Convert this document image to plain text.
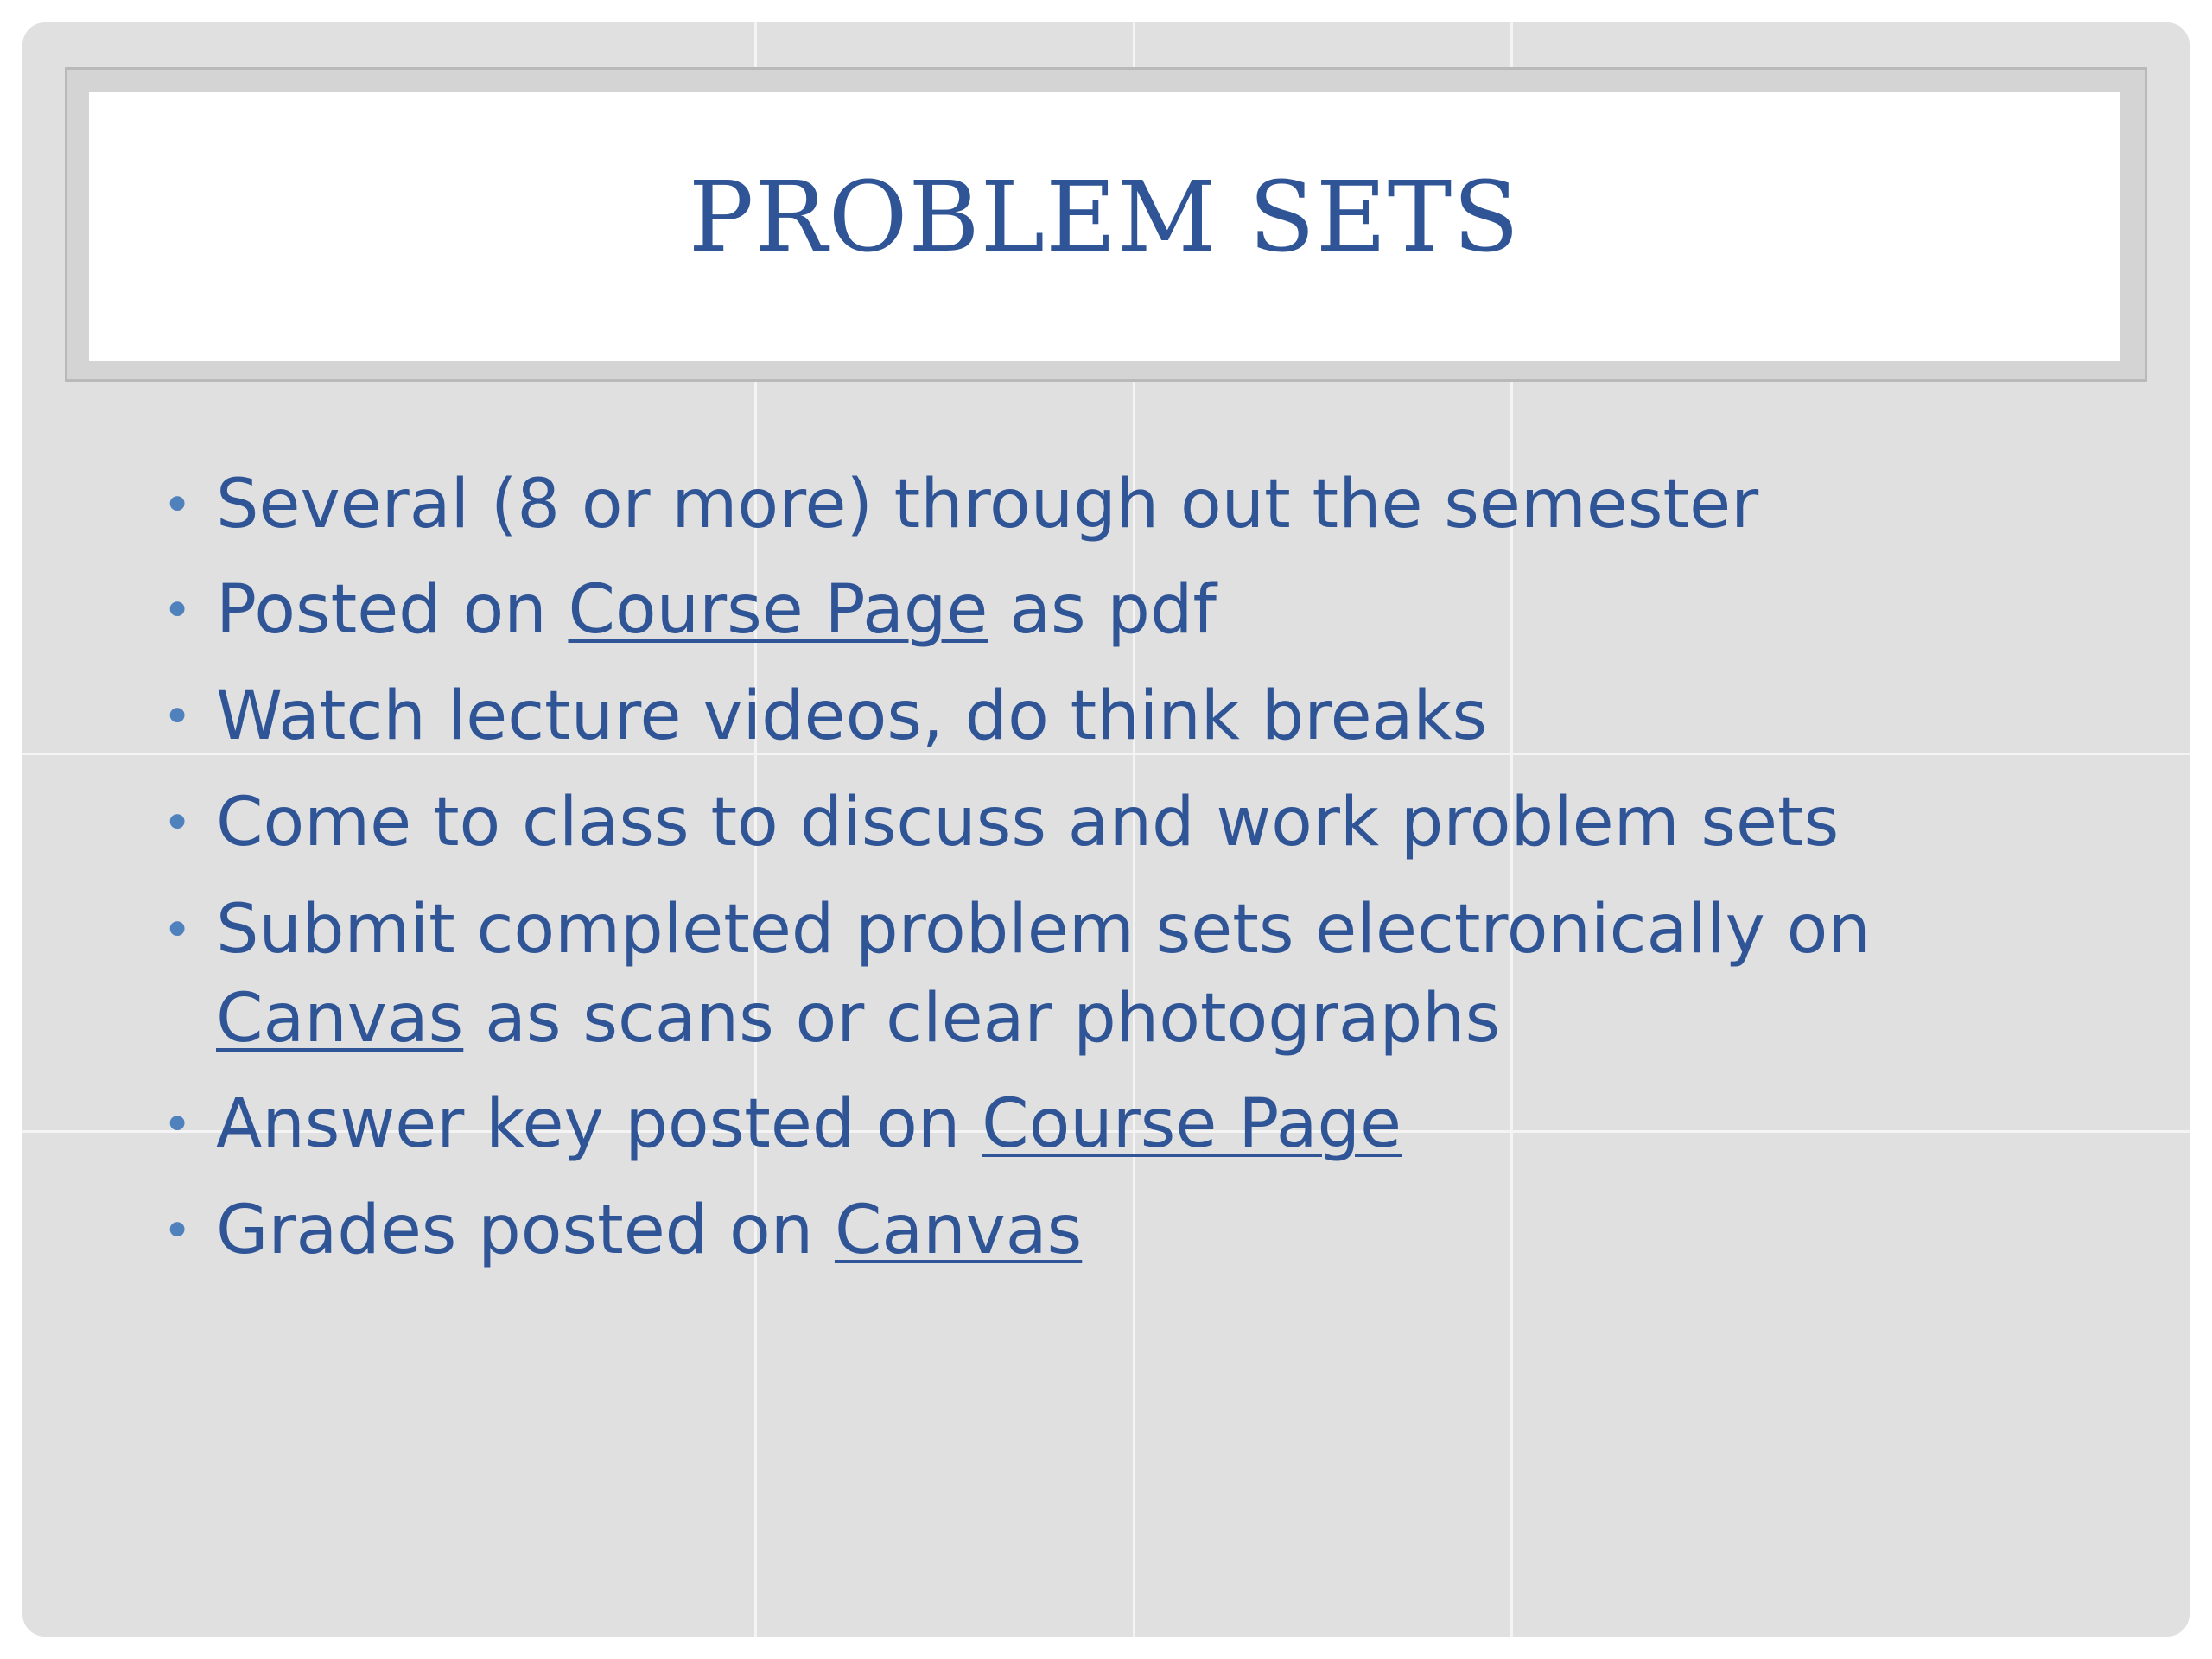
PROBLEM SETS
• Several (8 or more) through out the semester
• Posted on Course Page as pdf
• Watch lecture videos, do think breaks
• Come to class to discuss and work problem sets
• Submit completed problem sets electronically on
Canvas as scans or clear photographs
• Answer key posted on Course Page
• Grades posted on Canvas
